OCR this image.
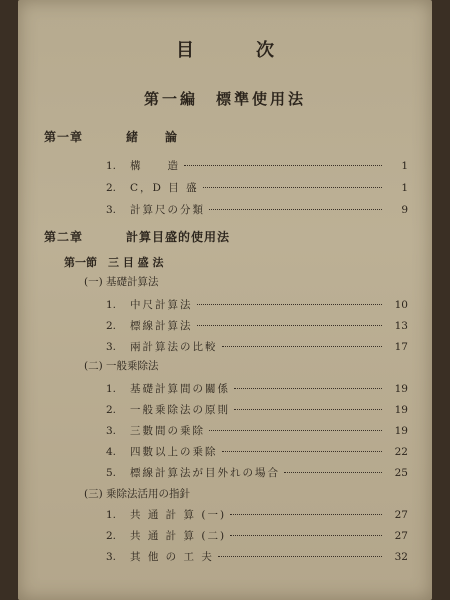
目　次
第一編　標準使用法
第一章	緒　　論
1.	構　　造	1
2.	C，D 目 盛	1
3.	計算尺の分類	9
第二章	計算目盛的使用法
第一節　三 目 盛 法
(一) 基礎計算法
1.	中尺計算法	10
2.	標線計算法	13
3.	兩計算法の比較	17
(二) 一般乗除法
1.	基礎計算間の關係	19
2.	一般乗除法の原則	19
3.	三數間の乗除	19
4.	四數以上の乗除	22
5.	標線計算法が目外れの場合	25
(三) 乗除法活用の指針
1.	共 通 計 算 (一)	27
2.	共 通 計 算 (二)	27
3.	其 他 の 工 夫	32
